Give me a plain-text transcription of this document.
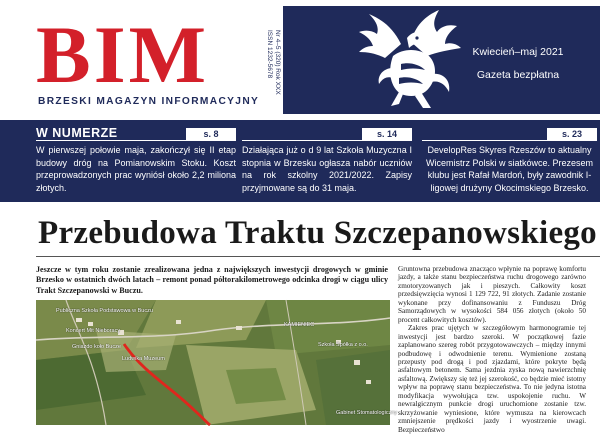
BIM
BRZESKI MAGAZYN INFORMACYJNY
Nr 4–5 (320) Rok XXX
ISSN 1232-5678	Kwiecień–maj 2021
Gazeta bezpłatna
W NUMERZE	s. 8
W pierwszej połowie maja, zakończył się II etap budowy dróg na Pomianowskim Stoku. Koszt przeprowadzonych prac wyniósł około 2,2 miliona złotych.
s. 14
Działająca już o d 9 lat Szkoła Muzyczna I stopnia w Brzesku ogłasza nabór uczniów na rok szkolny 2021/2022. Zapisy przyjmowane są do 31 maja.
s. 23
DevelopRes Skyres Rzeszów to aktualny Wicemistrz Polski w siatkówce. Prezesem klubu jest Rafał Mardoń, były zawodnik I-ligowej drużyny Okocimskiego Brzesko.
Przebudowa Traktu Szczepanowskiego
Jeszcze w tym roku zostanie zrealizowana jedna z największych inwestycji drogowych w gminie Brzesko w ostatnich dwóch latach – remont ponad półtorakilometrowego odcinka drogi w ciągu ulicy Trakt Szczepanowski w Buczu.
Publiczna Szkoła Podstawowa w Buczu
Koncert Mit Nieboracy
Gniazdo koło Bucze
Ludwika Muzeum
KAMIENIEC
Szkoła Spółka z o.o.
Gabinet Stomatologiczny

Gruntowna przebudowa znacząco wpłynie na poprawę komfortu jazdy, a także stanu bezpieczeństwa ruchu drogowego zarówno zmotoryzowanych jak i pieszych. Całkowity koszt przedsięwzięcia wynosi 1 129 722, 91 złotych. Zadanie zostanie wykonane przy dofinansowaniu z Funduszu Dróg Samorządowych w wysokości 584 056 złotych (około 50 procent całkowitych kosztów).

Zakres prac ujętych w szczegółowym harmonogramie tej inwestycji jest bardzo szeroki. W początkowej fazie zaplanowano szereg robót przygotowawczych – między innymi podbudowę i odwodnienie terenu. Wymienione zostaną przepusty pod drogą i pod zjazdami, które pokryte będą asfaltowym betonem. Sama jezdnia zyska nową nawierzchnię asfaltową. Zwiększy się też jej szerokość, co będzie mieć istotny wpływ na poprawę stanu bezpieczeństwa. To nie jedyna istotna modyfikacja wywołująca tzw. uspokojenie ruchu. W newralgicznym punkcie drogi uruchomione zostanie tzw. skrzyżowanie wyniesione, które wymusza na kierowcach zmniejszenie prędkości jazdy i wyostrzenie uwagi. Bezpieczeństwo
